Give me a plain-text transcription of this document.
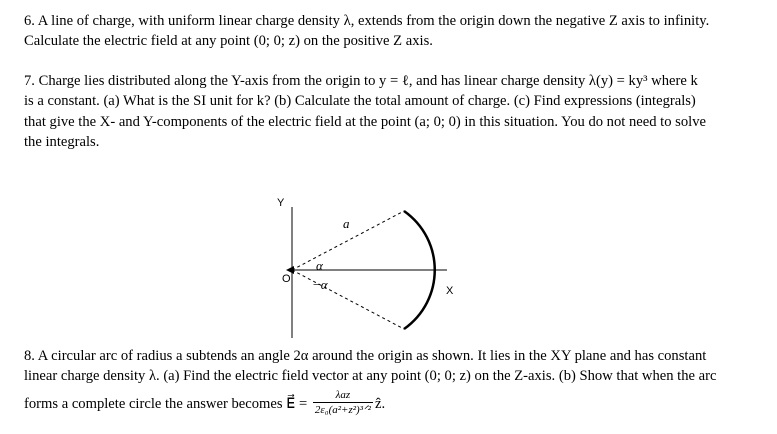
6. A line of charge, with uniform linear charge density λ, extends from the origin down the negative Z axis to infinity.
Calculate the electric field at any point (0; 0; z) on the positive Z axis.
7. Charge lies distributed along the Y-axis from the origin to y = ℓ, and has linear charge density λ(y) = ky³ where k
is a constant. (a) What is the SI unit for k? (b) Calculate the total amount of charge. (c) Find expressions (integrals)
that give the X- and Y-components of the electric field at the point (a; 0; 0) in this situation. You do not need to solve
the integrals.
Y
X
O
a
α
−α
8. A circular arc of radius a subtends an angle 2α around the origin as shown. It lies in the XY plane and has constant
linear charge density λ. (a) Find the electric field vector at any point (0; 0; z) on the Z-axis. (b) Show that when the arc
forms a complete circle the answer becomes E⃗ = $\frac{\text{λaz}}{\text{2ε₀(a²+z²)³ᐟ²}}$ ẑ.
